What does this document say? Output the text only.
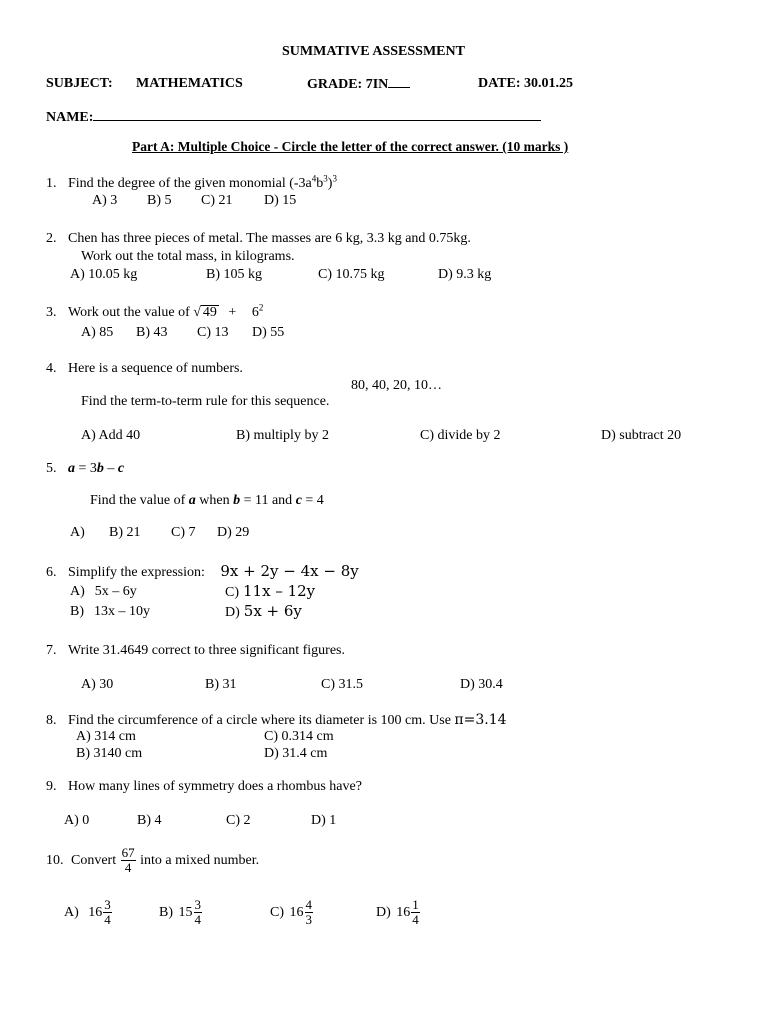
SUMMATIVE ASSESSMENT
SUBJECT: MATHEMATICS	GRADE: 7IN	DATE: 30.01.25
NAME:
Part A: Multiple Choice - Circle the letter of the correct answer. (10 marks )
1. Find the degree of the given monomial $(-3a^4b^3)^3$
A) 3 B) 5 C) 21 D) 15
2. Chen has three pieces of metal. The masses are 6 kg, 3.3 kg and 0.75kg.
Work out the total mass, in kilograms.
A) 10.05 kg	B) 105 kg	C) 10.75 kg	D) 9.3 kg
3. Work out the value of √ $49 + 6^2$
A) 85 B) 43 C) 13 D) 55
4. Here is a sequence of numbers.
80, 40, 20, 10…
Find the term-to-term rule for this sequence.
A) Add 40	B) multiply by 2	C) divide by 2	D) subtract 20
5. a = 3b – c
Find the value of a when b = 11 and c = 4
A) B) 21 C) 7 D) 29
6. Simplify the expression: 9x + 2y − 4x − 8y
A) 5x – 6y	C) 11x – 12y
B) 13x – 10y	D) 5x + 6y
7. Write 31.4649 correct to three significant figures.
A) 30	B) 31	C) 31.5	D) 30.4
8. Find the circumference of a circle where its diameter is 100 cm. Use π=3.14
A) 314 cm	C) 0.314 cm
B) 3140 cm	D) 31.4 cm
9. How many lines of symmetry does a rhombus have?
A) 0	B) 4	C) 2	D) 1
10. Convert $\frac{67}{4}$ into a mixed number.
A) $16 \frac{3}{4}$	B) $15 \frac{3}{4}$	C) $16 \frac{4}{3}$	D) $16 \frac{1}{4}$
